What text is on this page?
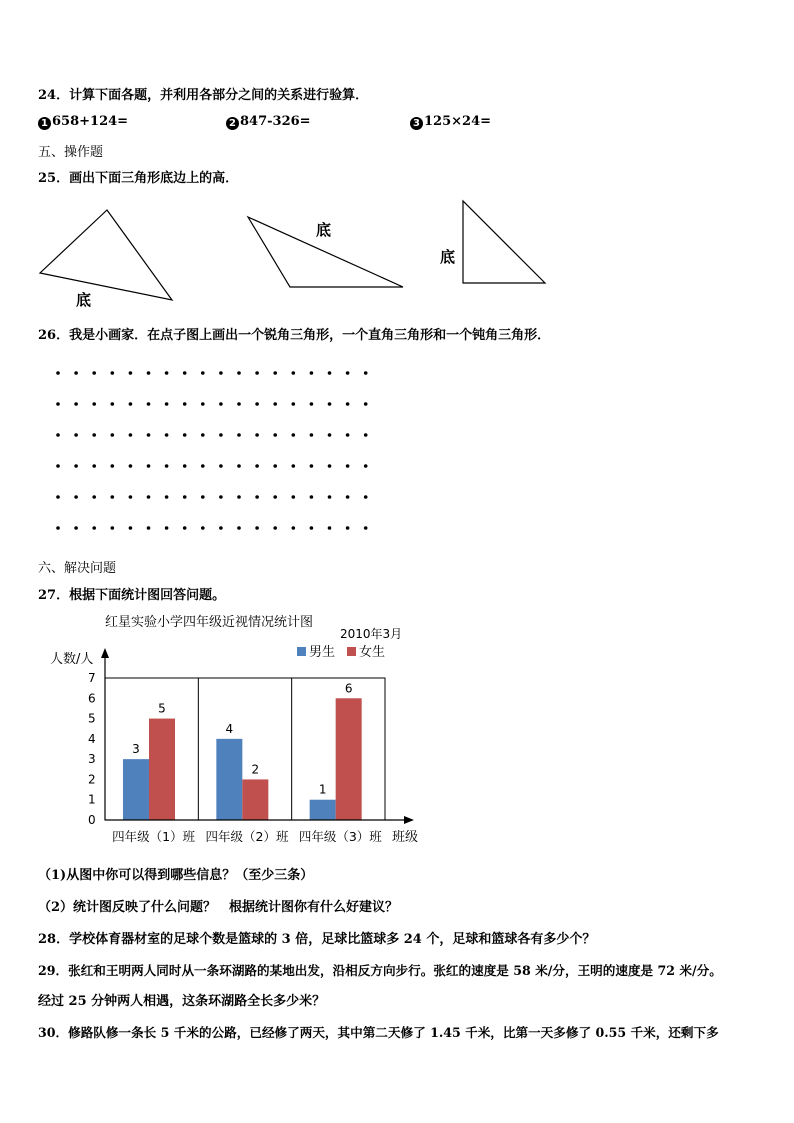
24．计算下面各题，并利用各部分之间的关系进行验算．
1 658+124=	2 847-326=	3 125×24=
五、操作题
25．画出下面三角形底边上的高．
底
底
底
26．我是小画家．在点子图上画出一个锐角三角形，一个直角三角形和一个钝角三角形．
六、解决问题
27．根据下面统计图回答问题。
红星实验小学四年级近视情况统计图
2010年3月
人数/人	男生 女生
0
1
2
3
4
5
6
7
3
5
四年级（1）班
4
2
四年级（2）班
1
6
四年级（3）班 班级
（1)从图中你可以得到哪些信息？（至少三条）
（2）统计图反映了什么问题？　根据统计图你有什么好建议？
28．学校体育器材室的足球个数是篮球的 3 倍，足球比篮球多 24 个，足球和篮球各有多少个？
29．张红和王明两人同时从一条环湖路的某地出发，沿相反方向步行。张红的速度是 58 米/分，王明的速度是 72 米/分。
经过 25 分钟两人相遇，这条环湖路全长多少米？
30．修路队修一条长 5 千米的公路，已经修了两天，其中第二天修了 1.45 千米，比第一天多修了 0.55 千米，还剩下多
